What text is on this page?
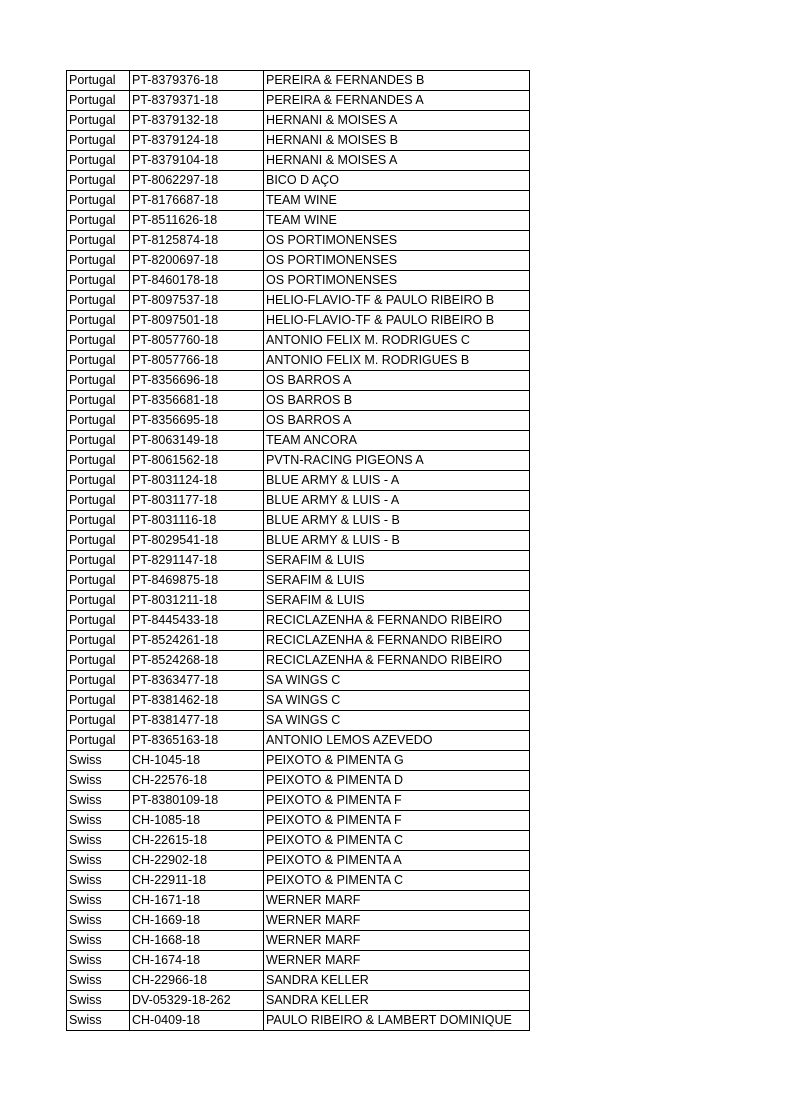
Portugal	PT-8379376-18	PEREIRA & FERNANDES B
Portugal	PT-8379371-18	PEREIRA & FERNANDES A
Portugal	PT-8379132-18	HERNANI & MOISES A
Portugal	PT-8379124-18	HERNANI & MOISES B
Portugal	PT-8379104-18	HERNANI & MOISES A
Portugal	PT-8062297-18	BICO D AÇO
Portugal	PT-8176687-18	TEAM WINE
Portugal	PT-8511626-18	TEAM WINE
Portugal	PT-8125874-18	OS PORTIMONENSES
Portugal	PT-8200697-18	OS PORTIMONENSES
Portugal	PT-8460178-18	OS PORTIMONENSES
Portugal	PT-8097537-18	HELIO-FLAVIO-TF & PAULO RIBEIRO B
Portugal	PT-8097501-18	HELIO-FLAVIO-TF & PAULO RIBEIRO B
Portugal	PT-8057760-18	ANTONIO FELIX M. RODRIGUES C
Portugal	PT-8057766-18	ANTONIO FELIX M. RODRIGUES B
Portugal	PT-8356696-18	OS BARROS A
Portugal	PT-8356681-18	OS BARROS B
Portugal	PT-8356695-18	OS BARROS A
Portugal	PT-8063149-18	TEAM ANCORA
Portugal	PT-8061562-18	PVTN-RACING PIGEONS A
Portugal	PT-8031124-18	BLUE ARMY & LUIS - A
Portugal	PT-8031177-18	BLUE ARMY & LUIS - A
Portugal	PT-8031116-18	BLUE ARMY & LUIS - B
Portugal	PT-8029541-18	BLUE ARMY & LUIS - B
Portugal	PT-8291147-18	SERAFIM & LUIS
Portugal	PT-8469875-18	SERAFIM & LUIS
Portugal	PT-8031211-18	SERAFIM & LUIS
Portugal	PT-8445433-18	RECICLAZENHA & FERNANDO RIBEIRO
Portugal	PT-8524261-18	RECICLAZENHA & FERNANDO RIBEIRO
Portugal	PT-8524268-18	RECICLAZENHA & FERNANDO RIBEIRO
Portugal	PT-8363477-18	SA WINGS C
Portugal	PT-8381462-18	SA WINGS C
Portugal	PT-8381477-18	SA WINGS C
Portugal	PT-8365163-18	ANTONIO LEMOS AZEVEDO
Swiss	CH-1045-18	PEIXOTO & PIMENTA G
Swiss	CH-22576-18	PEIXOTO & PIMENTA D
Swiss	PT-8380109-18	PEIXOTO & PIMENTA F
Swiss	CH-1085-18	PEIXOTO & PIMENTA F
Swiss	CH-22615-18	PEIXOTO & PIMENTA C
Swiss	CH-22902-18	PEIXOTO & PIMENTA A
Swiss	CH-22911-18	PEIXOTO & PIMENTA C
Swiss	CH-1671-18	WERNER MARF
Swiss	CH-1669-18	WERNER MARF
Swiss	CH-1668-18	WERNER MARF
Swiss	CH-1674-18	WERNER MARF
Swiss	CH-22966-18	SANDRA KELLER
Swiss	DV-05329-18-262	SANDRA KELLER
Swiss	CH-0409-18	PAULO RIBEIRO & LAMBERT DOMINIQUE
